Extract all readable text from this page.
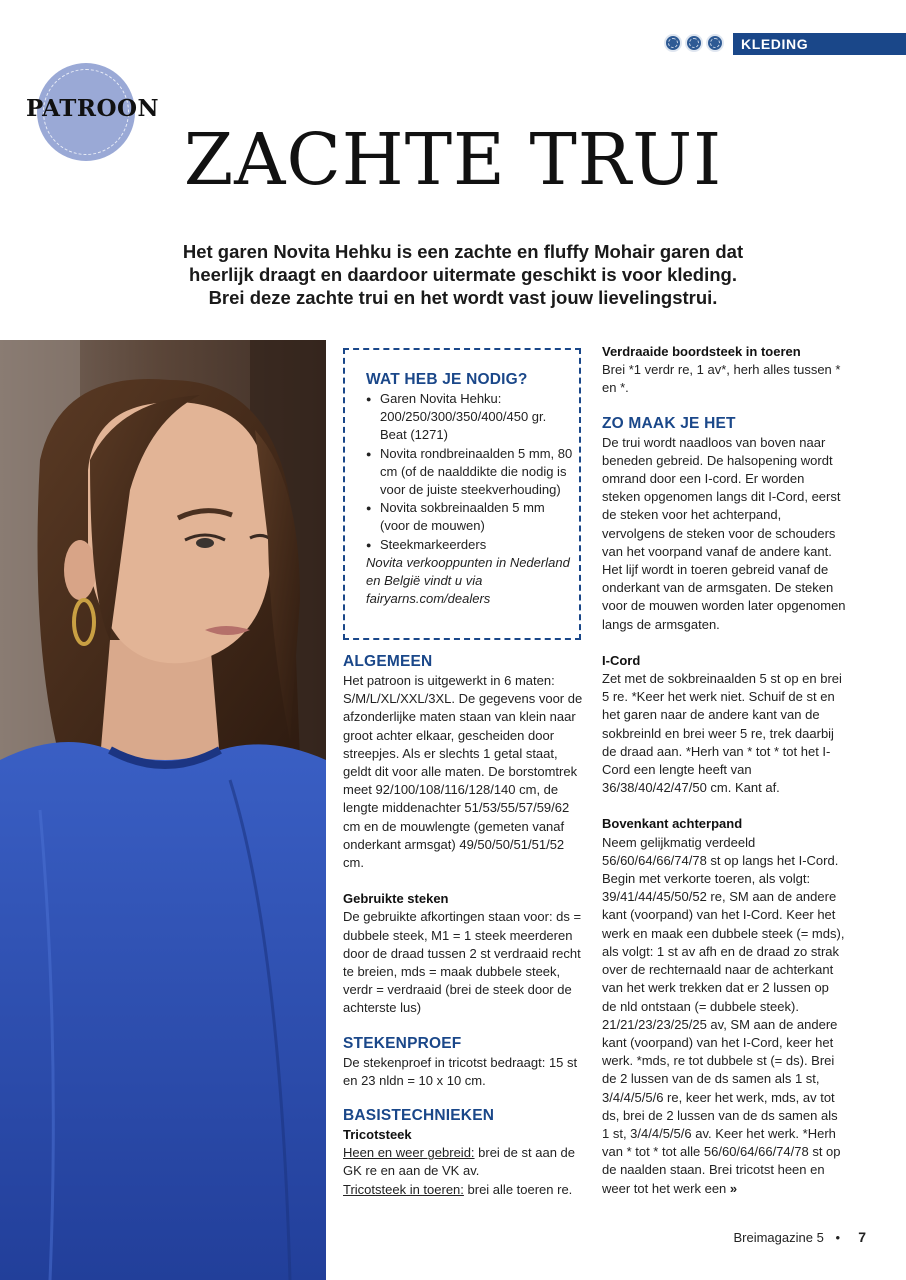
KLEDING
PATROON
ZACHTE TRUI
Het garen Novita Hehku is een zachte en fluffy Mohair garen dat
heerlijk draagt en daardoor uitermate geschikt is voor kleding.
Brei deze zachte trui en het wordt vast jouw lievelingstrui.
WAT HEB JE NODIG?
● Garen Novita Hehku: 200/250/300/350/400/450 gr. Beat (1271)
● Novita rondbreinaalden 5 mm, 80 cm (of de naalddikte die nodig is voor de juiste steekverhouding)
● Novita sokbreinaalden 5 mm (voor de mouwen)
● Steekmarkeerders

Novita verkooppunten in Nederland en België vindt u via fairyarns.com/dealers

ALGEMEEN

Het patroon is uitgewerkt in 6 maten: S/M/L/XL/XXL/3XL. De gegevens voor de afzonderlijke maten staan van klein naar groot achter elkaar, gescheiden door streepjes. Als er slechts 1 getal staat, geldt dit voor alle maten. De borstomtrek meet 92/100/108/116/128/140 cm, de lengte middenachter 51/53/55/57/59/62 cm en de mouwlengte (gemeten vanaf onderkant armsgat) 49/50/50/51/51/52 cm.

Gebruikte steken

De gebruikte afkortingen staan voor: ds = dubbele steek, M1 = 1 steek meerderen door de draad tussen 2 st verdraaid recht te breien, mds = maak dubbele steek, verdr = verdraaid (brei de steek door de achterste lus)

STEKENPROEF

De stekenproef in tricotst bedraagt: 15 st en 23 nldn = 10 x 10 cm.

BASISTECHNIEKEN

Tricotsteek

Heen en weer gebreid: brei de st aan de GK re en aan de VK av.

Tricotsteek in toeren: brei alle toeren re.

Verdraaide boordsteek in toeren

Brei *1 verdr re, 1 av*, herh alles tussen * en *.

ZO MAAK JE HET

De trui wordt naadloos van boven naar beneden gebreid. De halsopening wordt omrand door een I-cord. Er worden steken opgenomen langs dit I-Cord, eerst de steken voor het achterpand, vervolgens de steken voor de schouders van het voorpand vanaf de andere kant. Het lijf wordt in toeren gebreid vanaf de onderkant van de armsgaten. De steken voor de mouwen worden later opgenomen langs de armsgaten.

I-Cord

Zet met de sokbreinaalden 5 st op en brei 5 re. *Keer het werk niet. Schuif de st en het garen naar de andere kant van de sokbreinld en brei weer 5 re, trek daarbij de draad aan. *Herh van * tot * tot het I-Cord een lengte heeft van 36/38/40/42/47/50 cm. Kant af.

Bovenkant achterpand

Neem gelijkmatig verdeeld 56/60/64/66/74/78 st op langs het I-Cord. Begin met verkorte toeren, als volgt: 39/41/44/45/50/52 re, SM aan de andere kant (voorpand) van het I-Cord. Keer het werk en maak een dubbele steek (= mds), als volgt: 1 st av afh en de draad zo strak over de rechternaald naar de achterkant van het werk trekken dat er 2 lussen op de nld ontstaan (= dubbele steek). 21/21/23/23/25/25 av, SM aan de andere kant (voorpand) van het I-Cord, keer het werk. *mds, re tot dubbele st (= ds). Brei de 2 lussen van de ds samen als 1 st, 3/4/4/5/5/6 re, keer het werk, mds, av tot ds, brei de 2 lussen van de ds samen als 1 st, 3/4/4/5/5/6 av. Keer het werk. *Herh van * tot * tot alle 56/60/64/66/74/78 st op de naalden staan. Brei tricotst heen en weer tot het werk een »

Breimagazine 5 • 7
